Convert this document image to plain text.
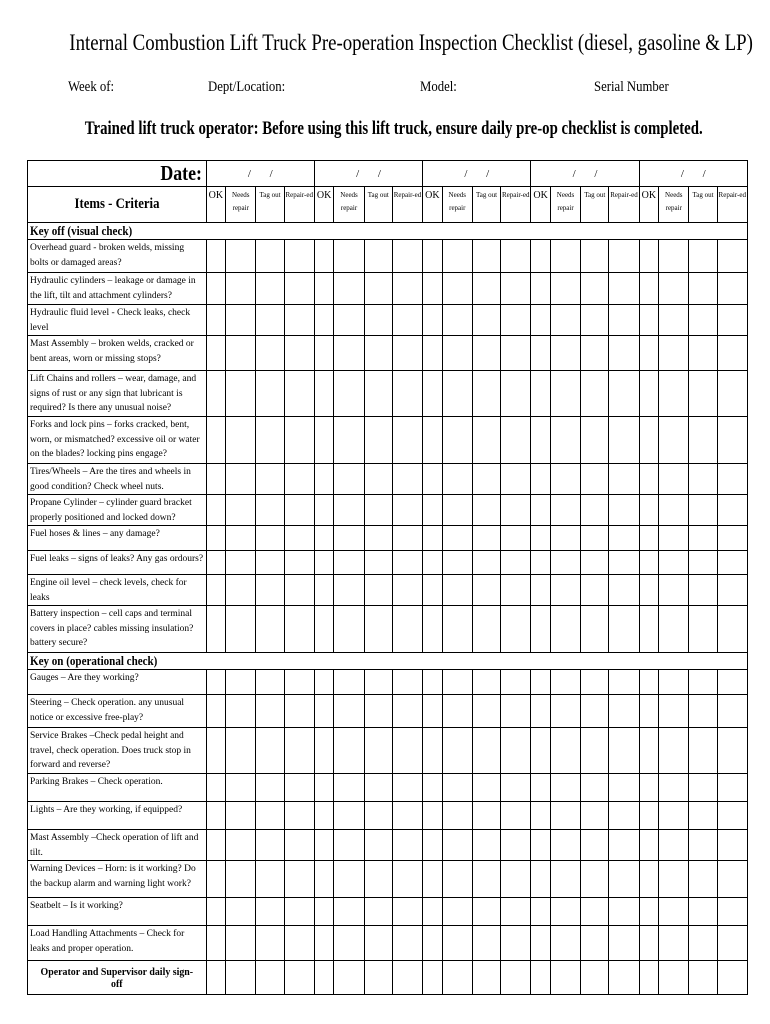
Internal Combustion Lift Truck Pre-operation Inspection Checklist (diesel, gasoline & LP)
Week of:	Dept/Location:	Model:	Serial Number
Trained lift truck operator: Before using this lift truck, ensure daily pre-op checklist is completed.
Date:	/ /				/ /				/ /				/ /				/ /			
Items - Criteria	OK	Needs repair	Tag out	Repair-ed	OK	Needs repair	Tag out	Repair-ed	OK	Needs repair	Tag out	Repair-ed	OK	Needs repair	Tag out	Repair-ed	OK	Needs repair	Tag out	Repair-ed
Key off (visual check)																				
Overhead guard - broken welds, missing bolts or damaged areas?																				
Hydraulic cylinders – leakage or damage in the lift, tilt and attachment cylinders?																				
Hydraulic fluid level - Check leaks, check level																				
Mast Assembly – broken welds, cracked or bent areas, worn or missing stops?																				
Lift Chains and rollers – wear, damage, and signs of rust or any sign that lubricant is required? Is there any unusual noise?																				
Forks and lock pins – forks cracked, bent, worn, or mismatched? excessive oil or water on the blades? locking pins engage?																				
Tires/Wheels – Are the tires and wheels in good condition? Check wheel nuts.																				
Propane Cylinder – cylinder guard bracket properly positioned and locked down?																				
Fuel hoses & lines – any damage?																				
Fuel leaks – signs of leaks? Any gas ordours?																				
Engine oil level – check levels, check for leaks																				
Battery inspection – cell caps and terminal covers in place? cables missing insulation? battery secure?																				
Key on (operational check)																				
Gauges – Are they working?																				
Steering – Check operation. any unusual notice or excessive free-play?																				
Service Brakes –Check pedal height and travel, check operation. Does truck stop in forward and reverse?																				
Parking Brakes – Check operation.																				
Lights – Are they working, if equipped?																				
Mast Assembly –Check operation of lift and tilt.																				
Warning Devices – Horn: is it working? Do the backup alarm and warning light work?																				
Seatbelt – Is it working?																				
Load Handling Attachments – Check for leaks and proper operation.																				
Operator and Supervisor daily sign-off																				
